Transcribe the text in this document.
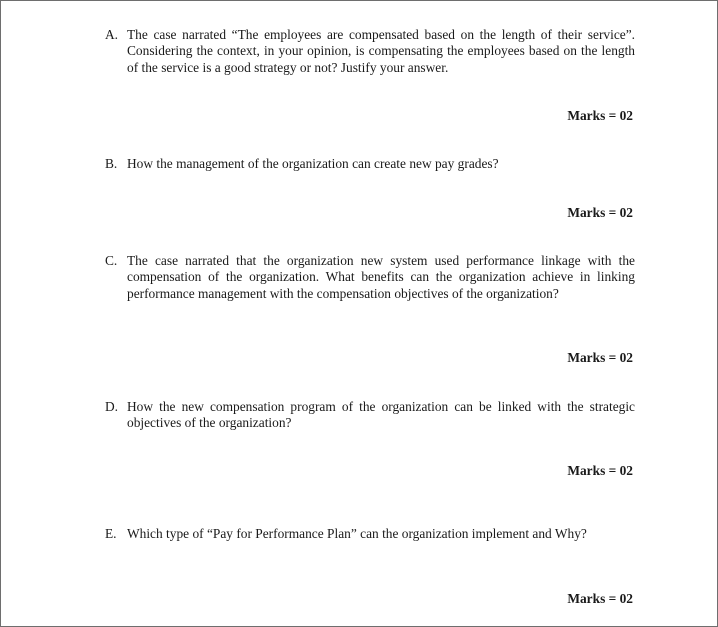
A. The case narrated “The employees are compensated based on the length of their service”. Considering the context, in your opinion, is compensating the employees based on the length of the service is a good strategy or not? Justify your answer.
Marks = 02
B. How the management of the organization can create new pay grades?
Marks = 02
C. The case narrated that the organization new system used performance linkage with the compensation of the organization. What benefits can the organization achieve in linking performance management with the compensation objectives of the organization?
Marks = 02
D. How the new compensation program of the organization can be linked with the strategic objectives of the organization?
Marks = 02
E. Which type of “Pay for Performance Plan” can the organization implement and Why?
Marks = 02
